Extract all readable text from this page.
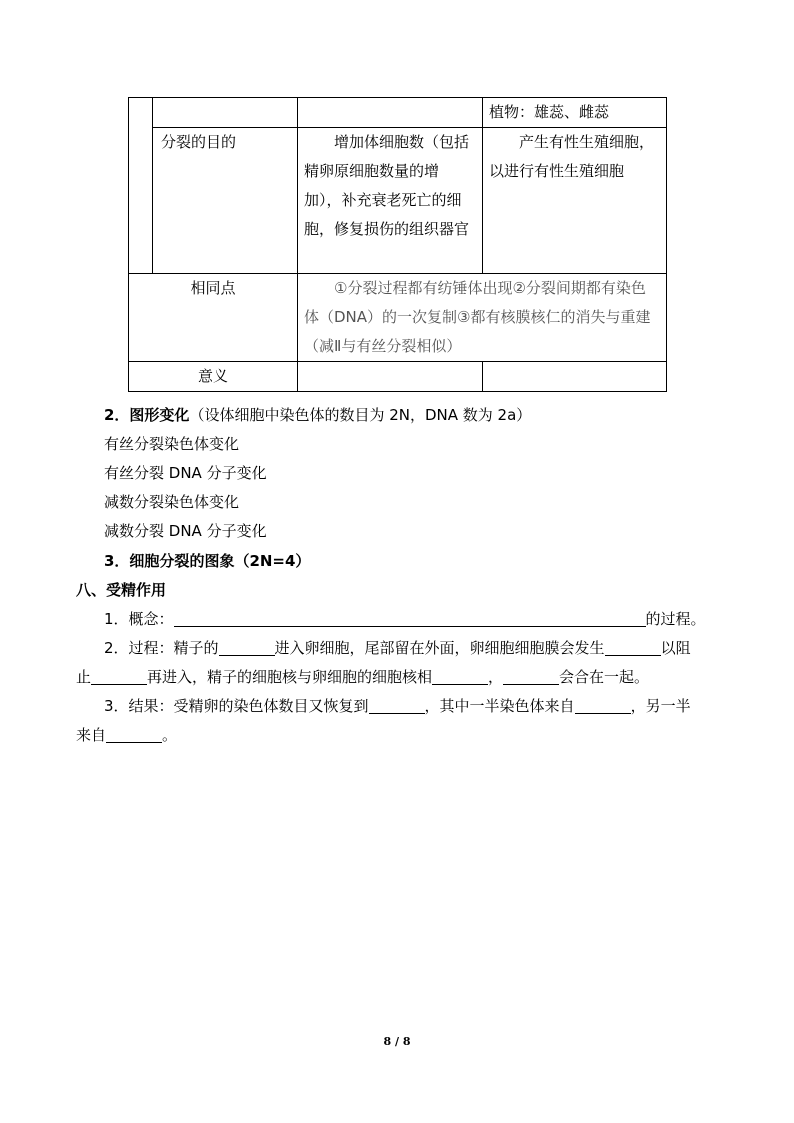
			植物：雄蕊、雌蕊
	分裂的目的	增加体细胞数（包括精卵原细胞数量的增加），补充衰老死亡的细胞，修复损伤的组织器官	产生有性生殖细胞，以进行有性生殖细胞
相同点		①分裂过程都有纺锤体出现②分裂间期都有染色体（DNA）的一次复制③都有核膜核仁的消失与重建（减Ⅱ与有丝分裂相似）	
意义			
2．图形变化（设体细胞中染色体的数目为 2N，DNA 数为 2a）
有丝分裂染色体变化
有丝分裂 DNA 分子变化
减数分裂染色体变化
减数分裂 DNA 分子变化
3．细胞分裂的图象（2N=4）
八、受精作用
1．概念：	的过程。
2．过程：精子的	进入卵细胞，尾部留在外面，卵细胞细胞膜会发生	以阻
止	再进入，精子的细胞核与卵细胞的细胞核相	，	会合在一起。
3．结果：受精卵的染色体数目又恢复到	，其中一半染色体来自	，另一半
来自	。
8 / 8
